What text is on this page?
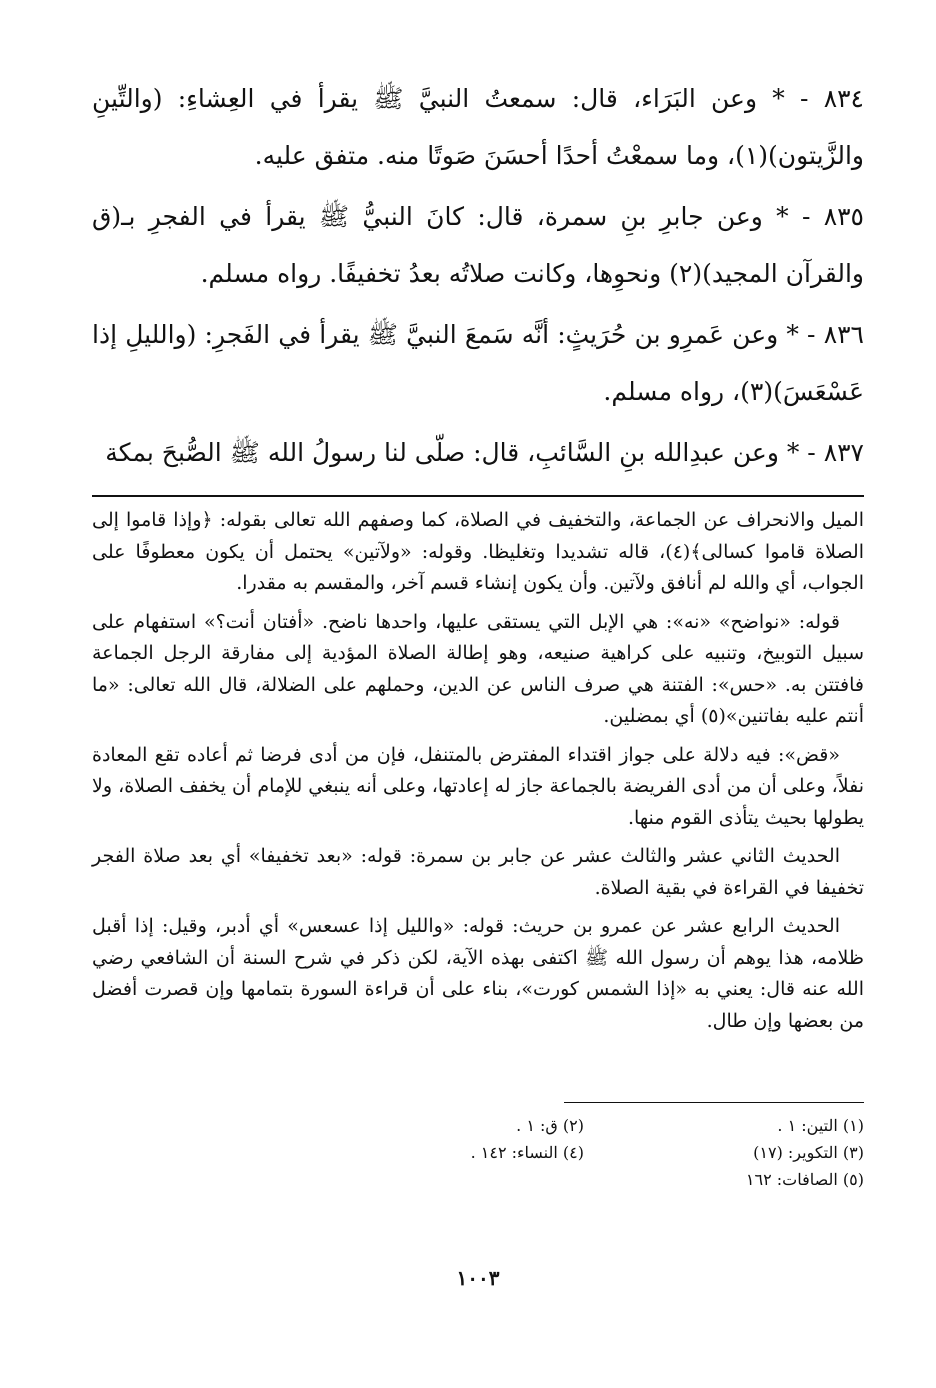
٨٣٤ - * وعن البَرَاء، قال: سمعتُ النبيَّ ﷺ يقرأ في العِشاءِ: (والتِّينِ والزَّيتون)(١)، وما سمعْتُ أحدًا أحسَنَ صَوتًا منه. متفق عليه.

٨٣٥ - * وعن جابرِ بنِ سمرة، قال: كانَ النبيُّ ﷺ يقرأ في الفجرِ بـ(ق والقرآن المجيد)(٢) ونحوِها، وكانت صلاتُه بعدُ تخفيفًا. رواه مسلم.

٨٣٦ - * وعن عَمرِو بن حُرَيثٍ: أنَّه سَمعَ النبيَّ ﷺ يقرأ في الفَجرِ: (والليلِ إذا عَسْعَسَ)(٣)، رواه مسلم.

٨٣٧ - * وعن عبدِالله بنِ السَّائبِ، قال: صلّى لنا رسولُ الله ﷺ الصُّبحَ بمكة

الميل والانحراف عن الجماعة، والتخفيف في الصلاة، كما وصفهم الله تعالى بقوله: ﴿وإذا قاموا إلى الصلاة قاموا كسالى﴾(٤)، قاله تشديدا وتغليظا. وقوله: «ولآتين» يحتمل أن يكون معطوفًا على الجواب، أي والله لم أنافق ولآتين. وأن يكون إنشاء قسم آخر، والمقسم به مقدرا.

قوله: «نواضح» «نه»: هي الإبل التي يستقى عليها، واحدها ناضح. «أفتان أنت؟» استفهام على سبيل التوبيخ، وتنبيه على كراهية صنيعه، وهو إطالة الصلاة المؤدية إلى مفارقة الرجل الجماعة فافتتن به. «حس»: الفتنة هي صرف الناس عن الدين، وحملهم على الضلالة، قال الله تعالى: «ما أنتم عليه بفاتنين»(٥) أي بمضلين.

«قض»: فيه دلالة على جواز اقتداء المفترض بالمتنفل، فإن من أدى فرضا ثم أعاده تقع المعادة نفلاً، وعلى أن من أدى الفريضة بالجماعة جاز له إعادتها، وعلى أنه ينبغي للإمام أن يخفف الصلاة، ولا يطولها بحيث يتأذى القوم منها.

الحديث الثاني عشر والثالث عشر عن جابر بن سمرة: قوله: «بعد تخفيفا» أي بعد صلاة الفجر تخفيفا في القراءة في بقية الصلاة.

الحديث الرابع عشر عن عمرو بن حريث: قوله: «والليل إذا عسعس» أي أدبر، وقيل: إذا أقبل ظلامه، هذا يوهم أن رسول الله ﷺ اكتفى بهذه الآية، لكن ذكر في شرح السنة أن الشافعي رضي الله عنه قال: يعني به «إذا الشمس كورت»، بناء على أن قراءة السورة بتمامها وإن قصرت أفضل من بعضها وإن طال.

(١) التين: ١ .
(٢) ق: ١ .
(٣) التكوير: (١٧)
(٤) النساء: ١٤٢ .
(٥) الصافات: ١٦٢
١٠٠٣
